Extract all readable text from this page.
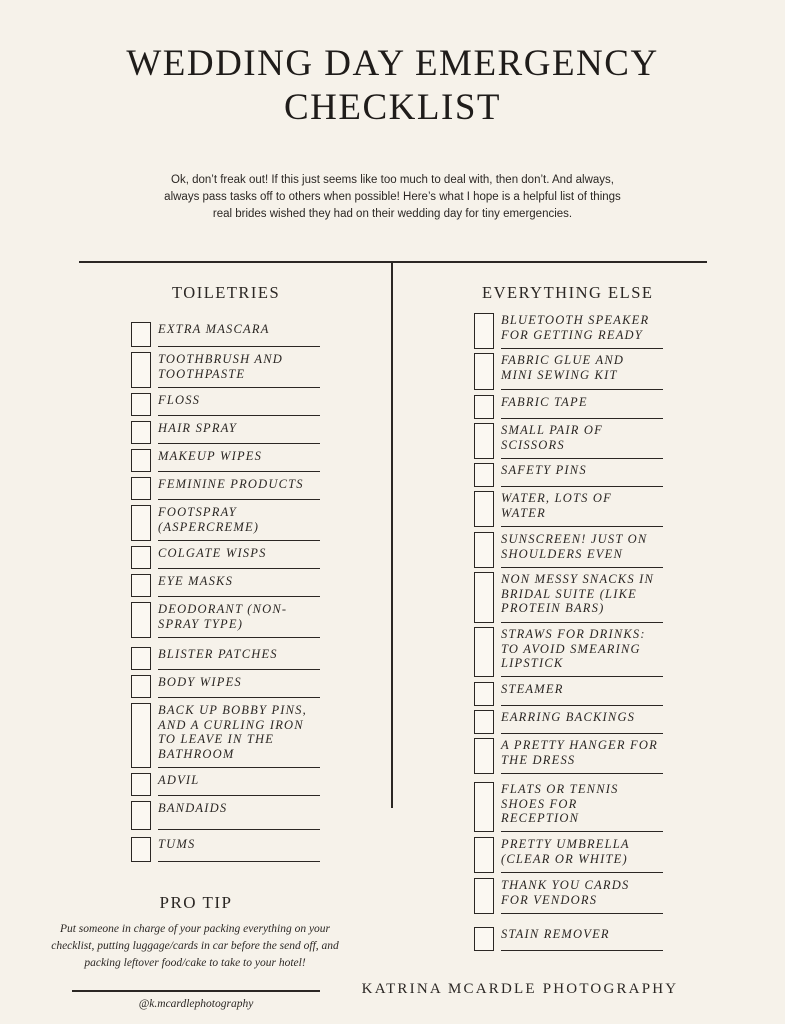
WEDDING DAY EMERGENCY
CHECKLIST
Ok, don’t freak out! If this just seems like too much to deal with, then don’t. And always, always pass tasks off to others when possible! Here’s what I hope is a helpful list of things real brides wished they had on their wedding day for tiny emergencies.
TOILETRIES	EVERYTHING ELSE
EXTRA MASCARA
TOOTHBRUSH AND TOOTHPASTE
FLOSS
HAIR SPRAY
MAKEUP WIPES
FEMININE PRODUCTS
FOOTSPRAY (ASPERCREME)
COLGATE WISPS
EYE MASKS
DEODORANT (NON-SPRAY TYPE)
BLISTER PATCHES
BODY WIPES
BACK UP BOBBY PINS, AND A CURLING IRON TO LEAVE IN THE BATHROOM
ADVIL
BANDAIDS
TUMS
BLUETOOTH SPEAKER FOR GETTING READY
FABRIC GLUE AND MINI SEWING KIT
FABRIC TAPE
SMALL PAIR OF SCISSORS
SAFETY PINS
WATER, LOTS OF WATER
SUNSCREEN! JUST ON SHOULDERS EVEN
NON MESSY SNACKS IN BRIDAL SUITE (LIKE PROTEIN BARS)
STRAWS FOR DRINKS: TO AVOID SMEARING LIPSTICK
STEAMER
EARRING BACKINGS
A PRETTY HANGER FOR THE DRESS
FLATS OR TENNIS SHOES FOR RECEPTION
PRETTY UMBRELLA (CLEAR OR WHITE)
THANK YOU CARDS FOR VENDORS
STAIN REMOVER
PRO TIP
Put someone in charge of your packing everything on your checklist, putting luggage/cards in car before the send off, and packing leftover food/cake to take to your hotel!
@k.mcardlephotography
KATRINA MCARDLE PHOTOGRAPHY
